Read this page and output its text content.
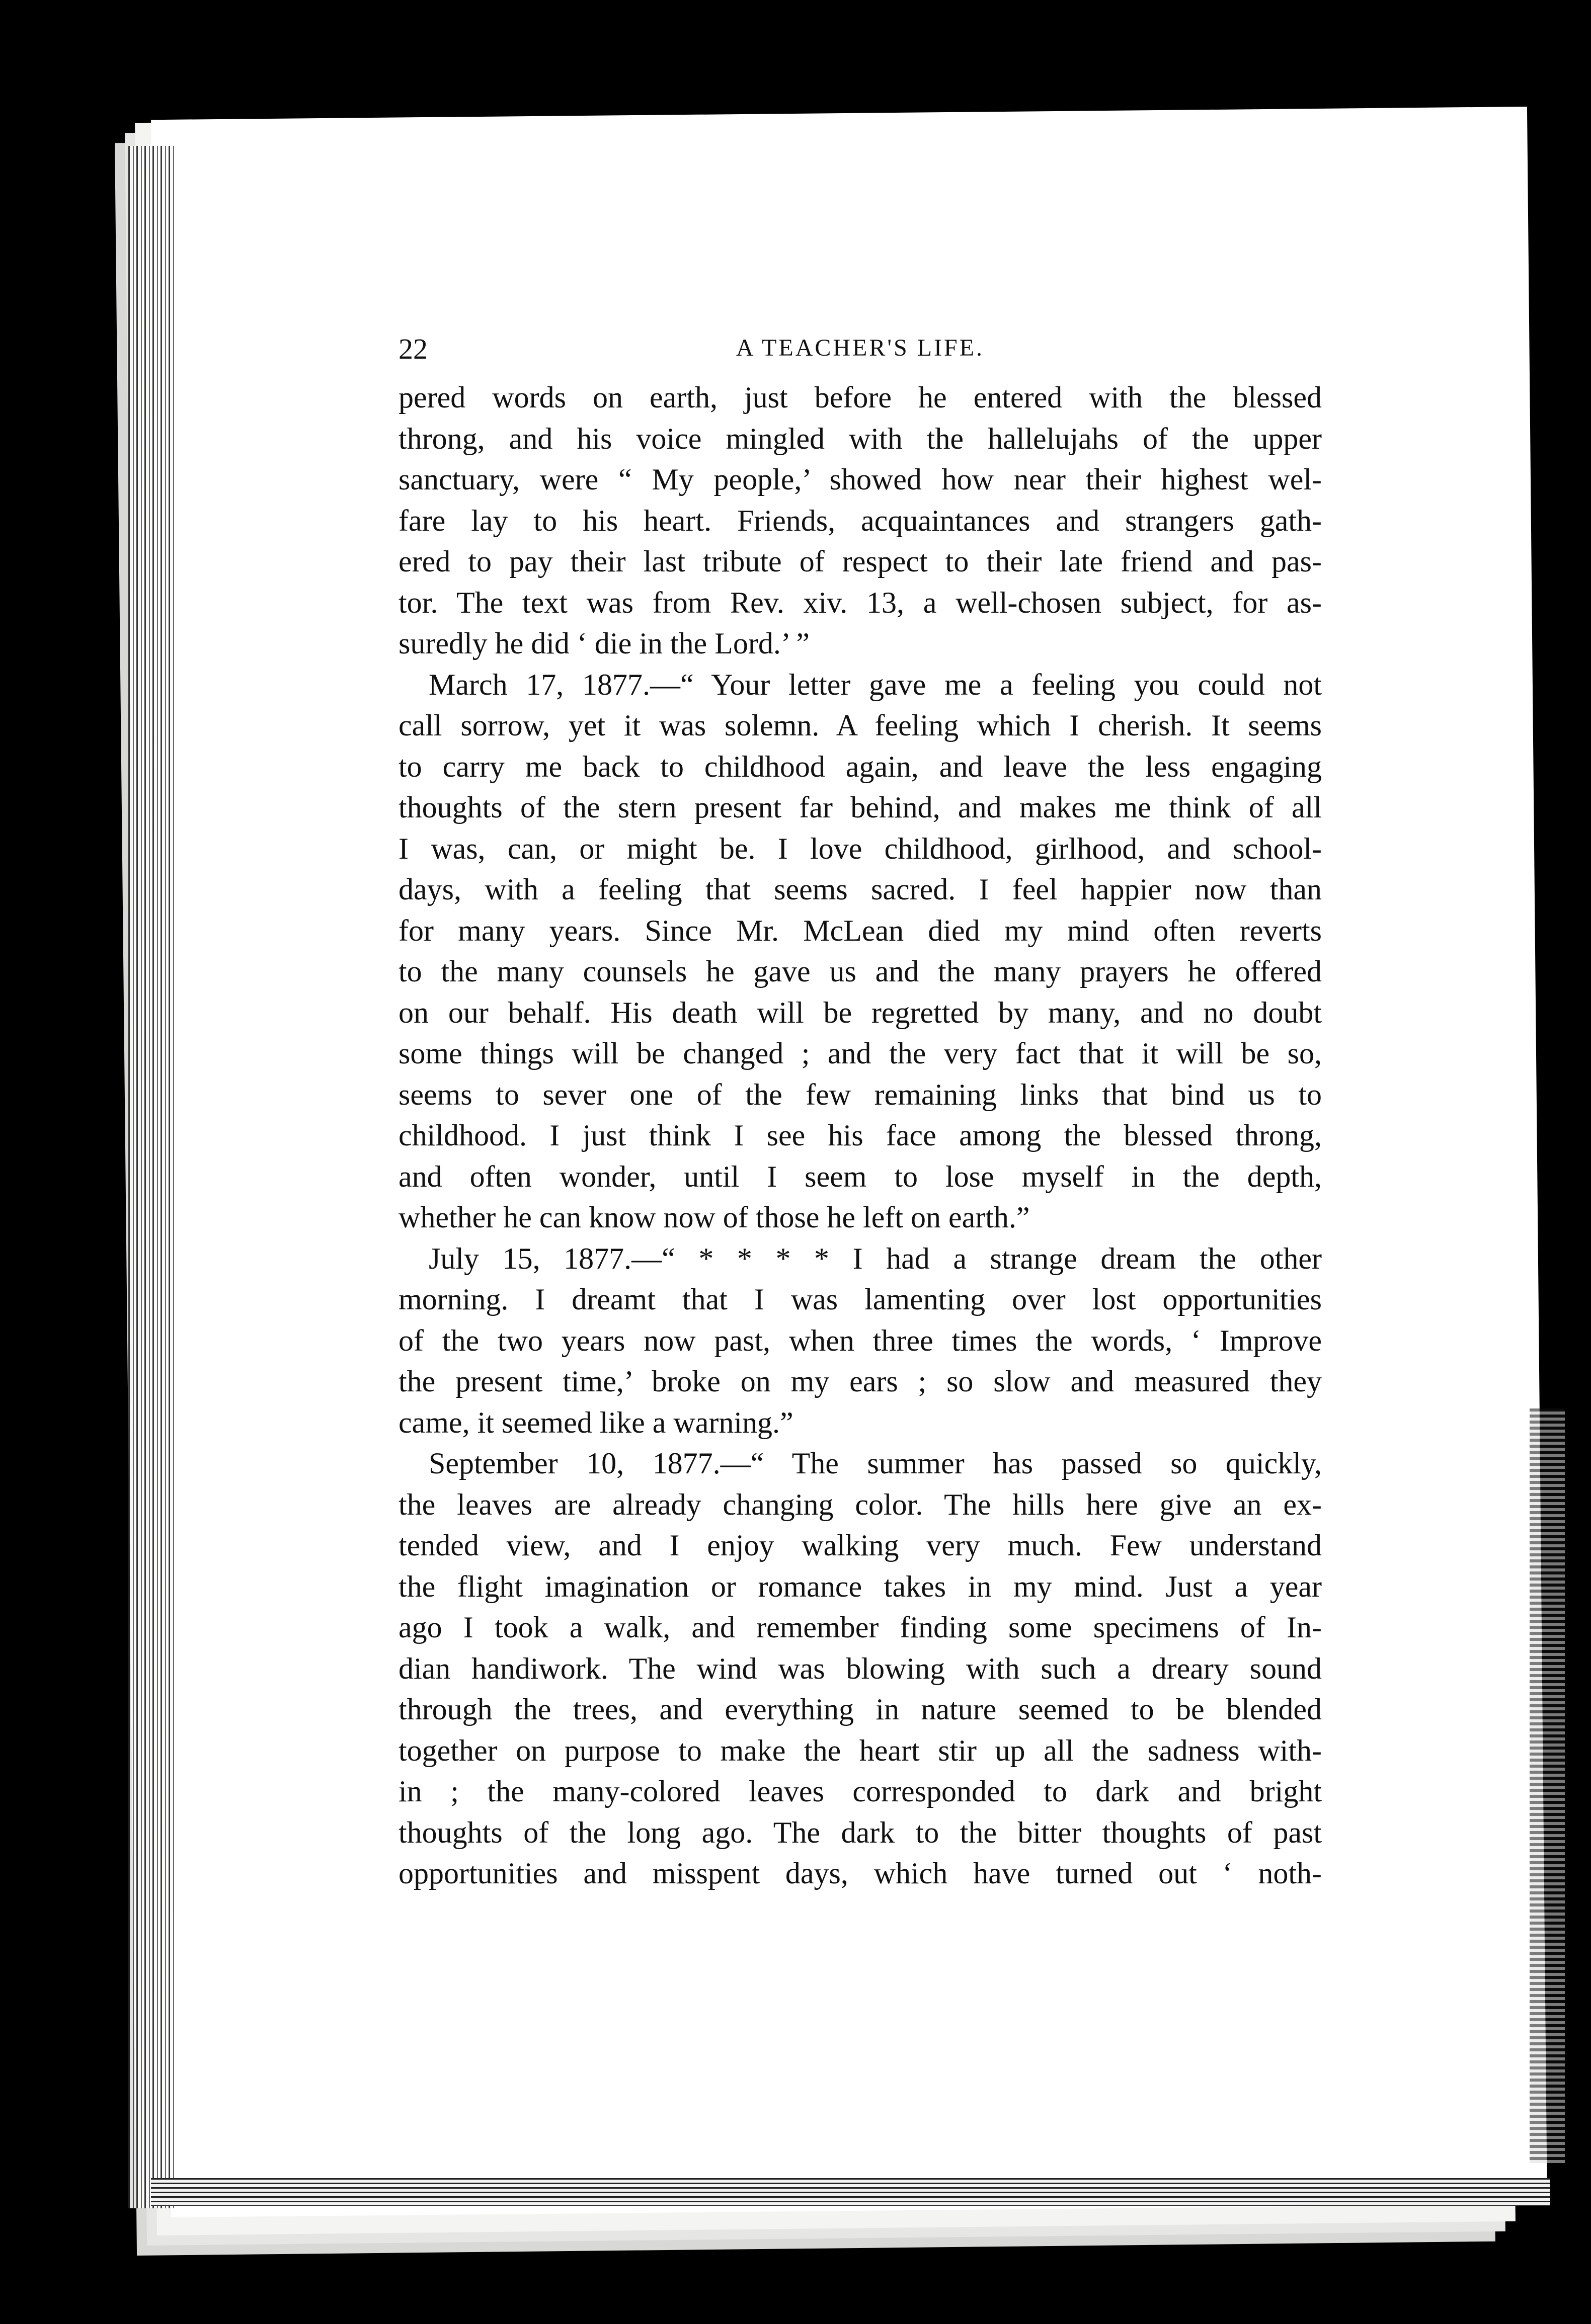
22	A TEACHER'S LIFE.
pered words on earth, just before he entered with the blessed
throng, and his voice mingled with the hallelujahs of the upper
sanctuary, were “ My people,’ showed how near their highest wel-
fare lay to his heart. Friends, acquaintances and strangers gath-
ered to pay their last tribute of respect to their late friend and pas-
tor. The text was from Rev. xiv. 13, a well-chosen subject, for as-
suredly he did ‘ die in the Lord.’ ”
March 17, 1877.—“ Your letter gave me a feeling you could not
call sorrow, yet it was solemn. A feeling which I cherish. It seems
to carry me back to childhood again, and leave the less engaging
thoughts of the stern present far behind, and makes me think of all
I was, can, or might be. I love childhood, girlhood, and school-
days, with a feeling that seems sacred. I feel happier now than
for many years. Since Mr. McLean died my mind often reverts
to the many counsels he gave us and the many prayers he offered
on our behalf. His death will be regretted by many, and no doubt
some things will be changed ; and the very fact that it will be so,
seems to sever one of the few remaining links that bind us to
childhood. I just think I see his face among the blessed throng,
and often wonder, until I seem to lose myself in the depth,
whether he can know now of those he left on earth.”
July 15, 1877.—“ * * * * I had a strange dream the other
morning. I dreamt that I was lamenting over lost opportunities
of the two years now past, when three times the words, ‘ Improve
the present time,’ broke on my ears ; so slow and measured they
came, it seemed like a warning.”
September 10, 1877.—“ The summer has passed so quickly,
the leaves are already changing color. The hills here give an ex-
tended view, and I enjoy walking very much. Few understand
the flight imagination or romance takes in my mind. Just a year
ago I took a walk, and remember finding some specimens of In-
dian handiwork. The wind was blowing with such a dreary sound
through the trees, and everything in nature seemed to be blended
together on purpose to make the heart stir up all the sadness with-
in ; the many-colored leaves corresponded to dark and bright
thoughts of the long ago. The dark to the bitter thoughts of past
opportunities and misspent days, which have turned out ‘ noth-
